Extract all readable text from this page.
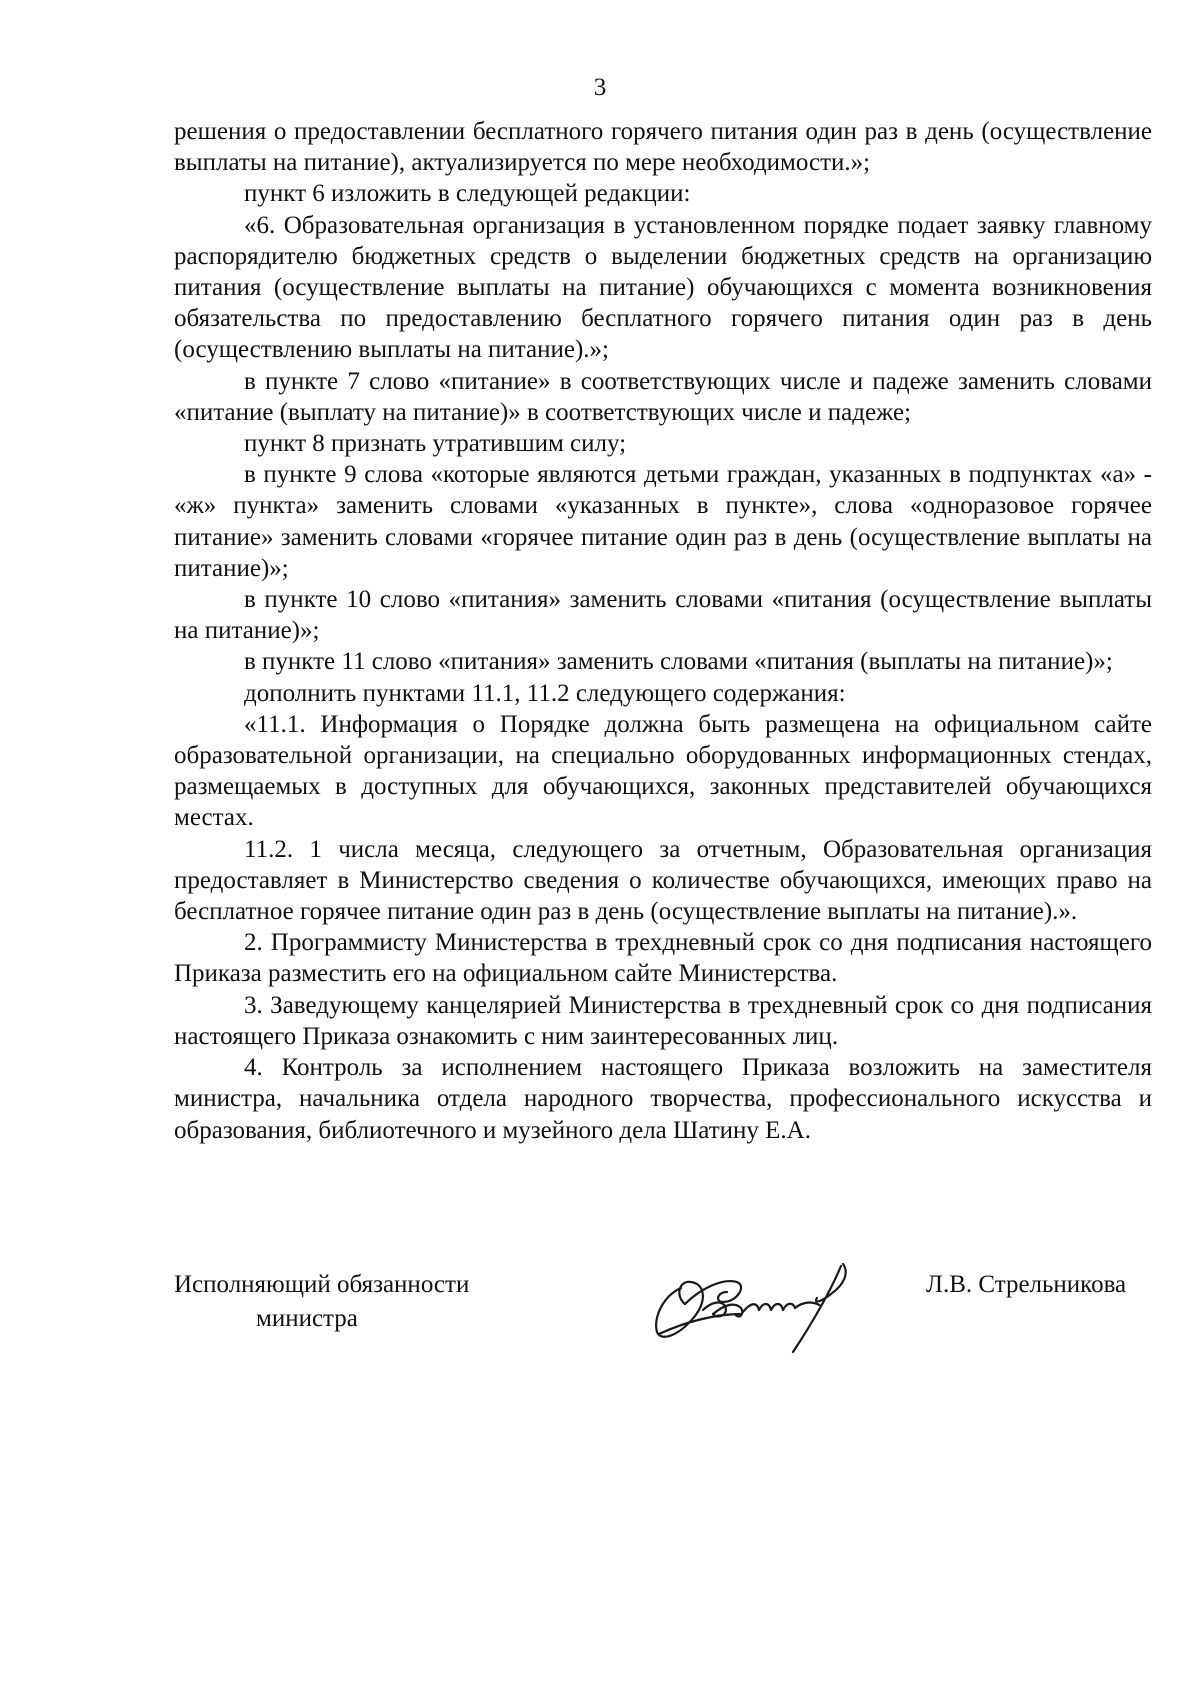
3

решения о предоставлении бесплатного горячего питания один раз в день (осуществление выплаты на питание), актуализируется по мере необходимости.»;

пункт 6 изложить в следующей редакции:

«6. Образовательная организация в установленном порядке подает заявку главному распорядителю бюджетных средств о выделении бюджетных средств на организацию питания (осуществление выплаты на питание) обучающихся с момента возникновения обязательства по предоставлению бесплатного горячего питания один раз в день (осуществлению выплаты на питание).»;

в пункте 7 слово «питание» в соответствующих числе и падеже заменить словами «питание (выплату на питание)» в соответствующих числе и падеже;

пункт 8 признать утратившим силу;

в пункте 9 слова «которые являются детьми граждан, указанных в подпунктах «а» - «ж» пункта» заменить словами «указанных в пункте», слова «одноразовое горячее питание» заменить словами «горячее питание один раз в день (осуществление выплаты на питание)»;

в пункте 10 слово «питания» заменить словами «питания (осуществление выплаты на питание)»;

в пункте 11 слово «питания» заменить словами «питания (выплаты на питание)»;

дополнить пунктами 11.1, 11.2 следующего содержания:

«11.1. Информация о Порядке должна быть размещена на официальном сайте образовательной организации, на специально оборудованных информационных стендах, размещаемых в доступных для обучающихся, законных представителей обучающихся местах.

11.2. 1 числа месяца, следующего за отчетным, Образовательная организация предоставляет в Министерство сведения о количестве обучающихся, имеющих право на бесплатное горячее питание один раз в день (осуществление выплаты на питание).».

2. Программисту Министерства в трехдневный срок со дня подписания настоящего Приказа разместить его на официальном сайте Министерства.

3. Заведующему канцелярией Министерства в трехдневный срок со дня подписания настоящего Приказа ознакомить с ним заинтересованных лиц.

4. Контроль за исполнением настоящего Приказа возложить на заместителя министра, начальника отдела народного творчества, профессионального искусства и образования, библиотечного и музейного дела Шатину Е.А.

Исполняющий обязанности
министра
Л.В. Стрельникова
